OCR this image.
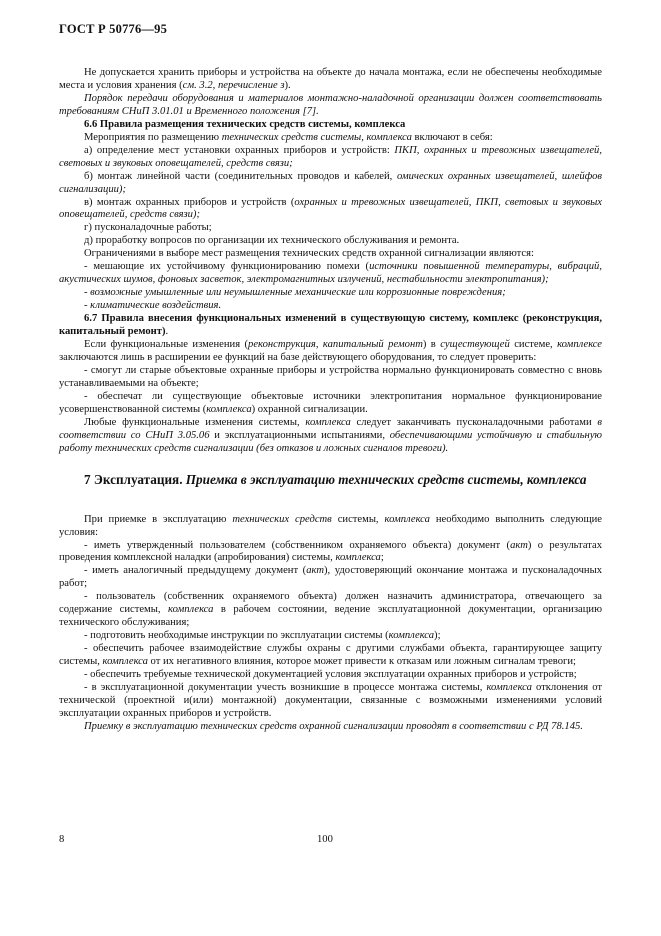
ГОСТ Р 50776—95

Не допускается хранить приборы и устройства на объекте до начала монтажа, если не обеспечены необходимые места и условия хранения (см. 3.2, перечисление з).

Порядок передачи оборудования и материалов монтажно-наладочной организации должен соответствовать требованиям СНиП 3.01.01 и Временного положения [7].

6.6 Правила размещения технических средств системы, комплекса

Мероприятия по размещению технических средств системы, комплекса включают в себя:

а) определение мест установки охранных приборов и устройств: ПКП, охранных и тревожных извещателей, световых и звуковых оповещателей, средств связи;

б) монтаж линейной части (соединительных проводов и кабелей, омических охранных извещателей, шлейфов сигнализации);

в) монтаж охранных приборов и устройств (охранных и тревожных извещателей, ПКП, световых и звуковых оповещателей, средств связи);

г) пусконаладочные работы;

д) проработку вопросов по организации их технического обслуживания и ремонта.

Ограничениями в выборе мест размещения технических средств охранной сигнализации являются:

- мешающие их устойчивому функционированию помехи (источники повышенной температуры, вибраций, акустических шумов, фоновых засветок, электромагнитных излучений, нестабильности электропитания);

- возможные умышленные или неумышленные механические или коррозионные повреждения;

- климатические воздействия.

6.7 Правила внесения функциональных изменений в существующую систему, комплекс (реконструкция, капитальный ремонт).

Если функциональные изменения (реконструкция, капитальный ремонт) в существующей системе, комплексе заключаются лишь в расширении ее функций на базе действующего оборудования, то следует проверить:

- смогут ли старые объектовые охранные приборы и устройства нормально функционировать совместно с вновь устанавливаемыми на объекте;

- обеспечат ли существующие объектовые источники электропитания нормальное функционирование усовершенствованной системы (комплекса) охранной сигнализации.

Любые функциональные изменения системы, комплекса следует заканчивать пусконаладочными работами в соответствии со СНиП 3.05.06 и эксплуатационными испытаниями, обеспечивающими устойчивую и стабильную работу технических средств сигнализации (без отказов и ложных сигналов тревоги).

7 Эксплуатация. Приемка в эксплуатацию технических средств системы, комплекса

При приемке в эксплуатацию технических средств системы, комплекса необходимо выполнить следующие условия:

- иметь утвержденный пользователем (собственником охраняемого объекта) документ (акт) о результатах проведения комплексной наладки (апробирования) системы, комплекса;

- иметь аналогичный предыдущему документ (акт), удостоверяющий окончание монтажа и пусконаладочных работ;

- пользователь (собственник охраняемого объекта) должен назначить администратора, отвечающего за содержание системы, комплекса в рабочем состоянии, ведение эксплуатационной документации, организацию технического обслуживания;

- подготовить необходимые инструкции по эксплуатации системы (комплекса);

- обеспечить рабочее взаимодействие службы охраны с другими службами объекта, гарантирующее защиту системы, комплекса от их негативного влияния, которое может привести к отказам или ложным сигналам тревоги;

- обеспечить требуемые технической документацией условия эксплуатации охранных приборов и устройств;

- в эксплуатационной документации учесть возникшие в процессе монтажа системы, комплекса отклонения от технической (проектной и(или) монтажной) документации, связанные с возможными изменениями условий эксплуатации охранных приборов и устройств.

Приемку в эксплуатацию технических средств охранной сигнализации проводят в соответствии с РД 78.145.

8	100
